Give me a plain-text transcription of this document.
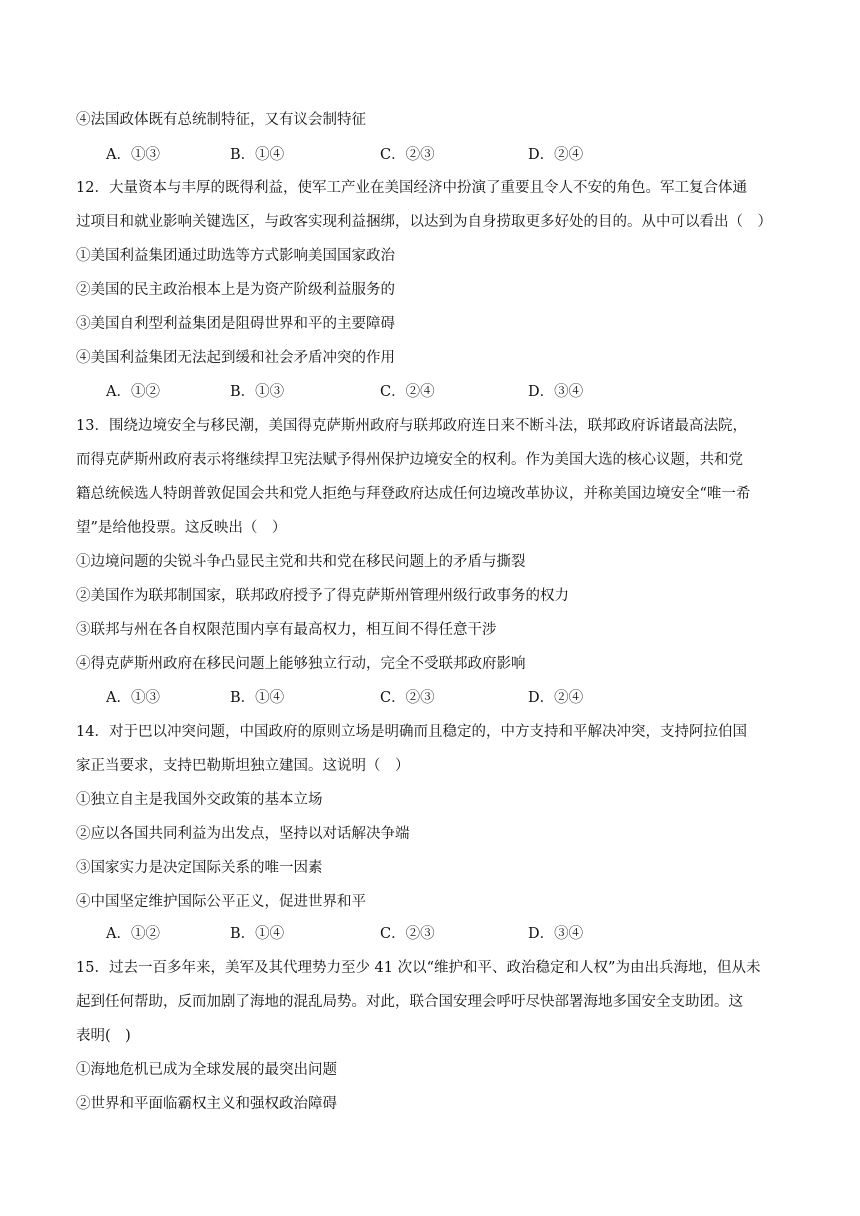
④法国政体既有总统制特征，又有议会制特征
A．①③	B．①④	C．②③	D．②④
12．大量资本与丰厚的既得利益，使军工产业在美国经济中扮演了重要且令人不安的角色。军工复合体通
过项目和就业影响关键选区，与政客实现利益捆绑，以达到为自身捞取更多好处的目的。从中可以看出（　）
①美国利益集团通过助选等方式影响美国国家政治
②美国的民主政治根本上是为资产阶级利益服务的
③美国自利型利益集团是阻碍世界和平的主要障碍
④美国利益集团无法起到缓和社会矛盾冲突的作用
A．①②	B．①③	C．②④	D．③④
13．围绕边境安全与移民潮，美国得克萨斯州政府与联邦政府连日来不断斗法，联邦政府诉诸最高法院，
而得克萨斯州政府表示将继续捍卫宪法赋予得州保护边境安全的权利。作为美国大选的核心议题，共和党
籍总统候选人特朗普敦促国会共和党人拒绝与拜登政府达成任何边境改革协议，并称美国边境安全“唯一希
望”是给他投票。这反映出（　）
①边境问题的尖锐斗争凸显民主党和共和党在移民问题上的矛盾与撕裂
②美国作为联邦制国家，联邦政府授予了得克萨斯州管理州级行政事务的权力
③联邦与州在各自权限范围内享有最高权力，相互间不得任意干涉
④得克萨斯州政府在移民问题上能够独立行动，完全不受联邦政府影响
A．①③	B．①④	C．②③	D．②④
14．对于巴以冲突问题，中国政府的原则立场是明确而且稳定的，中方支持和平解决冲突，支持阿拉伯国
家正当要求，支持巴勒斯坦独立建国。这说明（　）
①独立自主是我国外交政策的基本立场
②应以各国共同利益为出发点，坚持以对话解决争端
③国家实力是决定国际关系的唯一因素
④中国坚定维护国际公平正义，促进世界和平
A．①②	B．①④	C．②③	D．③④
15．过去一百多年来，美军及其代理势力至少 41 次以“维护和平、政治稳定和人权”为由出兵海地，但从未
起到任何帮助，反而加剧了海地的混乱局势。对此，联合国安理会呼吁尽快部署海地多国安全支助团。这
表明(　)
①海地危机已成为全球发展的最突出问题
②世界和平面临霸权主义和强权政治障碍
